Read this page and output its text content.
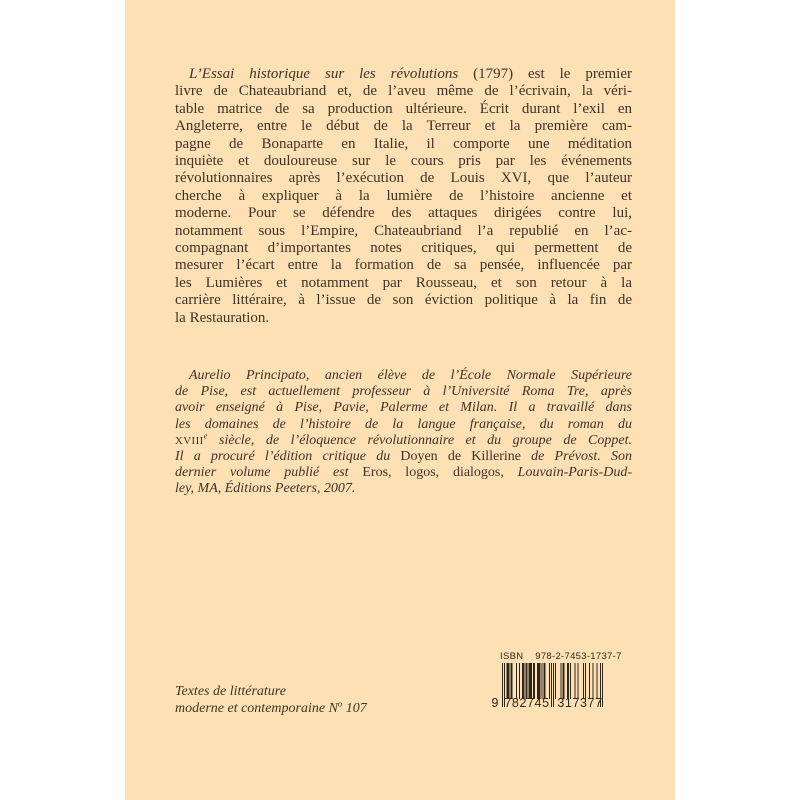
L’Essai historique sur les révolutions (1797) est le premier
livre de Chateaubriand et, de l’aveu même de l’écrivain, la véri-
table matrice de sa production ultérieure. Écrit durant l’exil en
Angleterre, entre le début de la Terreur et la première cam-
pagne de Bonaparte en Italie, il comporte une méditation
inquiète et douloureuse sur le cours pris par les événements
révolutionnaires après l’exécution de Louis XVI, que l’auteur
cherche à expliquer à la lumière de l’histoire ancienne et
moderne. Pour se défendre des attaques dirigées contre lui,
notamment sous l’Empire, Chateaubriand l’a republié en l’ac-
compagnant d’importantes notes critiques, qui permettent de
mesurer l’écart entre la formation de sa pensée, influencée par
les Lumières et notamment par Rousseau, et son retour à la
carrière littéraire, à l’issue de son éviction politique à la fin de
la Restauration.
Aurelio Principato, ancien élève de l’École Normale Supérieure
de Pise, est actuellement professeur à l’Université Roma Tre, après
avoir enseigné à Pise, Pavie, Palerme et Milan. Il a travaillé dans
les domaines de l’histoire de la langue française, du roman du
XVIIIe siècle, de l’éloquence révolutionnaire et du groupe de Coppet.
Il a procuré l’édition critique du Doyen de Killerine de Prévost. Son
dernier volume publié est Eros, logos, dialogos, Louvain-Paris-Dud-
ley, MA, Éditions Peeters, 2007.
Textes de littérature
moderne et contemporaine $N^o$ 107
ISBN  978-2-7453-1737-7
9 782745 317377
